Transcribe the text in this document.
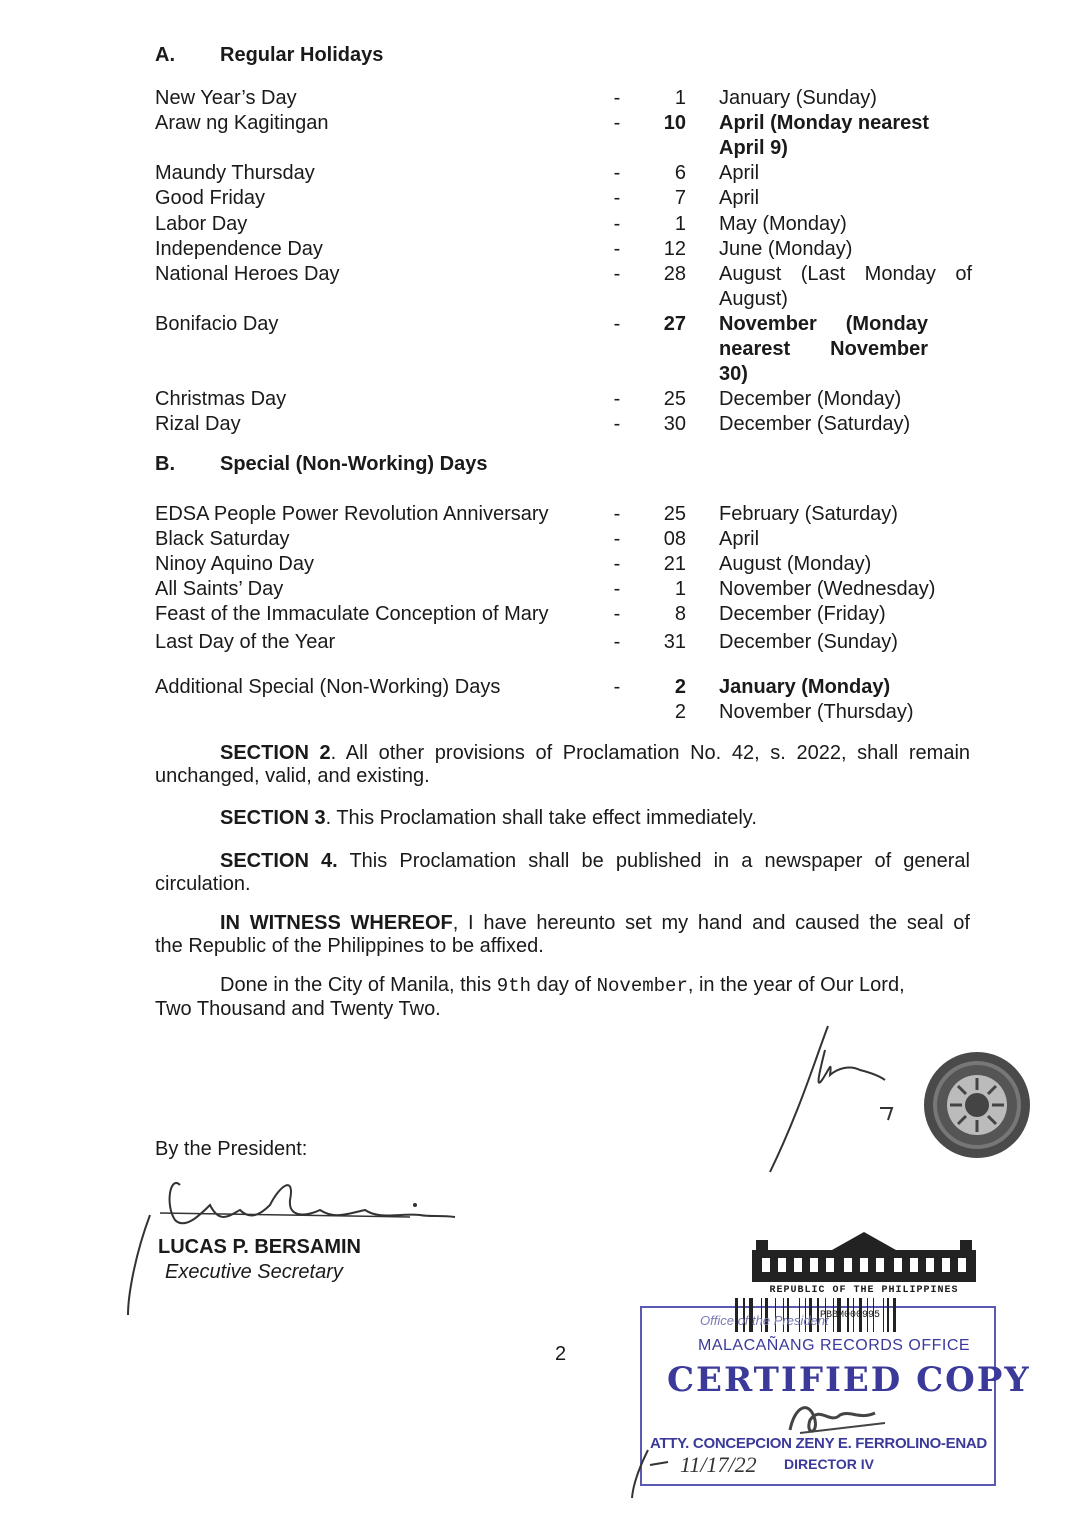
A. Regular Holidays
New Year’s Day	-	1 January (Sunday)
Araw ng Kagitingan	-	10 April (Monday nearest
April 9)
Maundy Thursday	-	6 April
Good Friday	-	7 April
Labor Day	-	1 May (Monday)
Independence Day	-	12 June (Monday)
National Heroes Day	-	28 August (Last Monday of
August)
Bonifacio Day	-	27 November (Monday
nearest November
30)
Christmas Day	-	25 December (Monday)
Rizal Day	-	30 December (Saturday)
B. Special (Non-Working) Days
EDSA People Power Revolution Anniversary	-	25 February (Saturday)
Black Saturday	-	08 April
Ninoy Aquino Day	-	21 August (Monday)
All Saints’ Day	-	1 November (Wednesday)
Feast of the Immaculate Conception of Mary	-	8 December (Friday)
Last Day of the Year	-	31 December (Sunday)
Additional Special (Non-Working) Days	-	2 January (Monday)
2 November (Thursday)
SECTION 2. All other provisions of Proclamation No. 42, s. 2022, shall remain
unchanged, valid, and existing.
SECTION 3. This Proclamation shall take effect immediately.
SECTION 4. This Proclamation shall be published in a newspaper of general
circulation.
IN WITNESS WHEREOF, I have hereunto set my hand and caused the seal of
the Republic of the Philippines to be affixed.
Done in the City of Manila, this 9th day of November, in the year of Our Lord,
Two Thousand and Twenty Two.
By the President:
LUCAS P. BERSAMIN
Executive Secretary
2
REPUBLIC OF THE PHILIPPINES
Office of the President
PBBM000995
MALACAÑANG RECORDS OFFICE
CERTIFIED COPY
ATTY. CONCEPCION ZENY E. FERROLINO-ENAD
DIRECTOR IV
11/17/22
